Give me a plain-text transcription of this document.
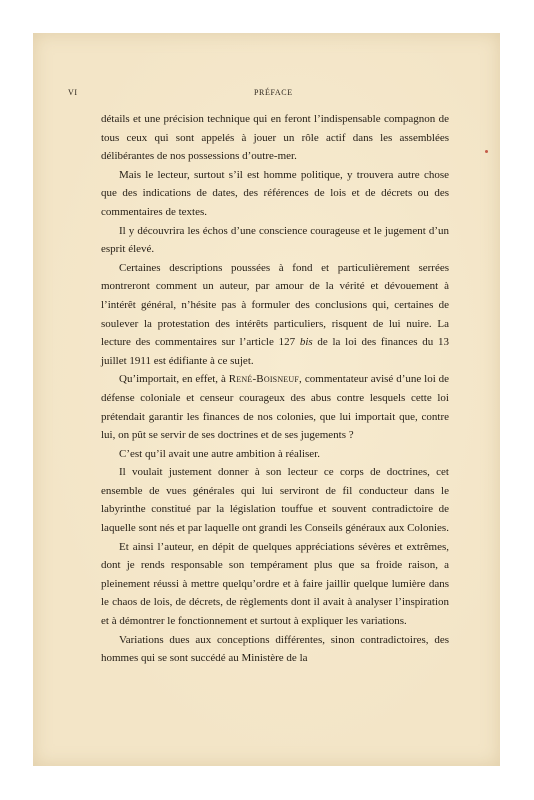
VI	PRÉFACE

détails et une précision technique qui en feront l’indispensable compagnon de tous ceux qui sont appelés à jouer un rôle actif dans les assemblées délibérantes de nos possessions d’outre-mer.

Mais le lecteur, surtout s’il est homme politique, y trouvera autre chose que des indications de dates, des références de lois et de décrets ou des commentaires de textes.

Il y découvrira les échos d’une conscience courageuse et le jugement d’un esprit élevé.

Certaines descriptions poussées à fond et particulièrement serrées montreront comment un auteur, par amour de la vérité et dévouement à l’intérêt général, n’hésite pas à formuler des conclusions qui, certaines de soulever la protestation des intérêts particuliers, risquent de lui nuire. La lecture des commentaires sur l’article 127 bis de la loi des finances du 13 juillet 1911 est édifiante à ce sujet.

Qu’importait, en effet, à René-Boisneuf, commentateur avisé d’une loi de défense coloniale et censeur courageux des abus contre lesquels cette loi prétendait garantir les finances de nos colonies, que lui importait que, contre lui, on pût se servir de ses doctrines et de ses jugements ?

C’est qu’il avait une autre ambition à réaliser.

Il voulait justement donner à son lecteur ce corps de doctrines, cet ensemble de vues générales qui lui serviront de fil conducteur dans le labyrinthe constitué par la législation touffue et souvent contradictoire de laquelle sont nés et par laquelle ont grandi les Conseils généraux aux Colonies.

Et ainsi l’auteur, en dépit de quelques appréciations sévères et extrêmes, dont je rends responsable son tempérament plus que sa froide raison, a pleinement réussi à mettre quelqu’ordre et à faire jaillir quelque lumière dans le chaos de lois, de décrets, de règlements dont il avait à analyser l’inspiration et à démontrer le fonctionnement et surtout à expliquer les variations.

Variations dues aux conceptions différentes, sinon contradictoires, des hommes qui se sont succédé au Ministère de la
